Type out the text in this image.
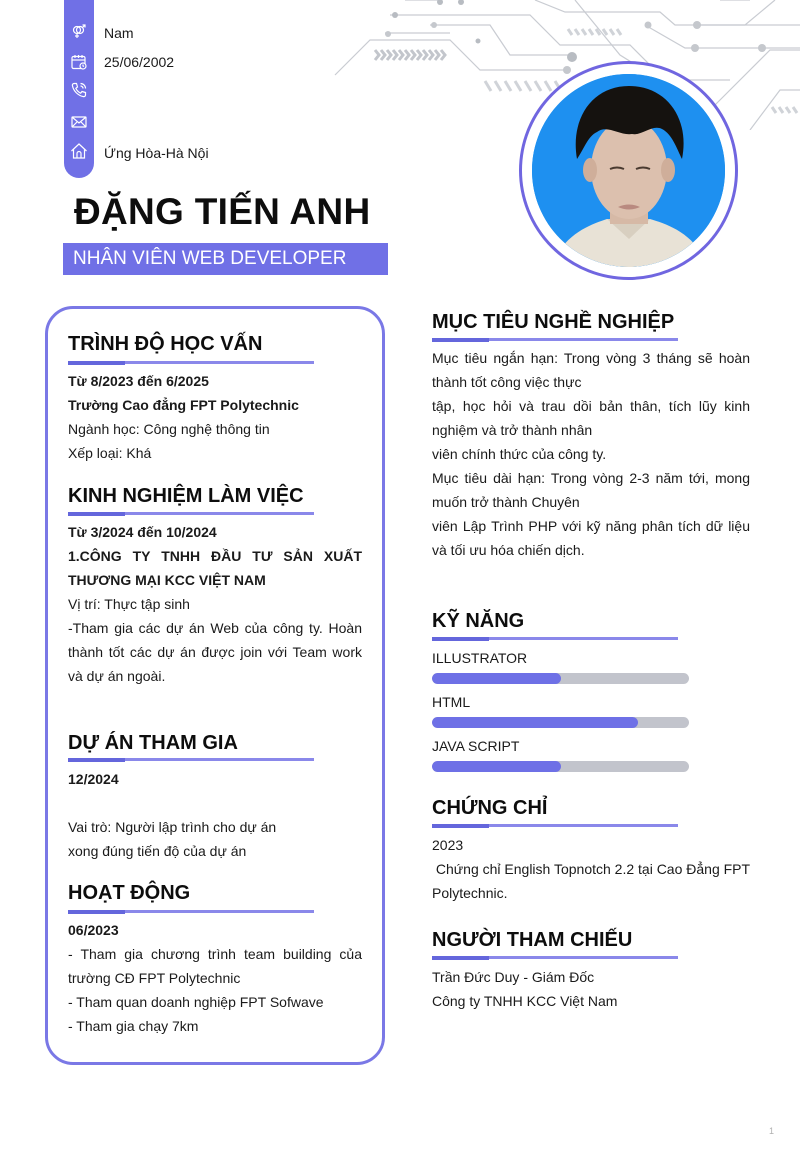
Nam
25/06/2002
Ứng Hòa-Hà Nội
ĐẶNG TIẾN ANH
NHÂN VIÊN WEB DEVELOPER
TRÌNH ĐỘ HỌC VẤN
Từ 8/2023 đến 6/2025
Trường Cao đẳng FPT Polytechnic
Ngành học: Công nghệ thông tin
Xếp loại: Khá
KINH NGHIỆM LÀM VIỆC
Từ 3/2024 đến 10/2024
1.CÔNG TY TNHH ĐẦU TƯ SẢN XUẤT THƯƠNG MẠI KCC VIỆT NAM
Vị trí: Thực tập sinh
-Tham gia các dự án Web của công ty. Hoàn thành tốt các dự án được join với Team work và dự án ngoài.
DỰ ÁN THAM GIA
12/2024
Vai trò: Người lập trình cho dự án
xong đúng tiến độ của dự án
HOẠT ĐỘNG
06/2023
- Tham gia chương trình team building của trường CĐ FPT Polytechnic
- Tham quan doanh nghiệp FPT Sofwave
- Tham gia chạy 7km
MỤC TIÊU NGHỀ NGHIỆP
Mục tiêu ngắn hạn: Trong vòng 3 tháng sẽ hoàn thành tốt công việc thực
tập, học hỏi và trau dồi bản thân, tích lũy kinh nghiệm và trở thành nhân
viên chính thức của công ty.
Mục tiêu dài hạn: Trong vòng 2-3 năm tới, mong muốn trở thành Chuyên
viên Lập Trình PHP với kỹ năng phân tích dữ liệu và tối ưu hóa chiến dịch.
KỸ NĂNG
ILLUSTRATOR
HTML
JAVA SCRIPT
CHỨNG CHỈ
2023
Chứng chỉ English Topnotch 2.2 tại Cao Đẳng FPT Polytechnic.
NGƯỜI THAM CHIẾU
Trần Đức Duy - Giám Đốc
Công ty TNHH KCC Việt Nam
1
